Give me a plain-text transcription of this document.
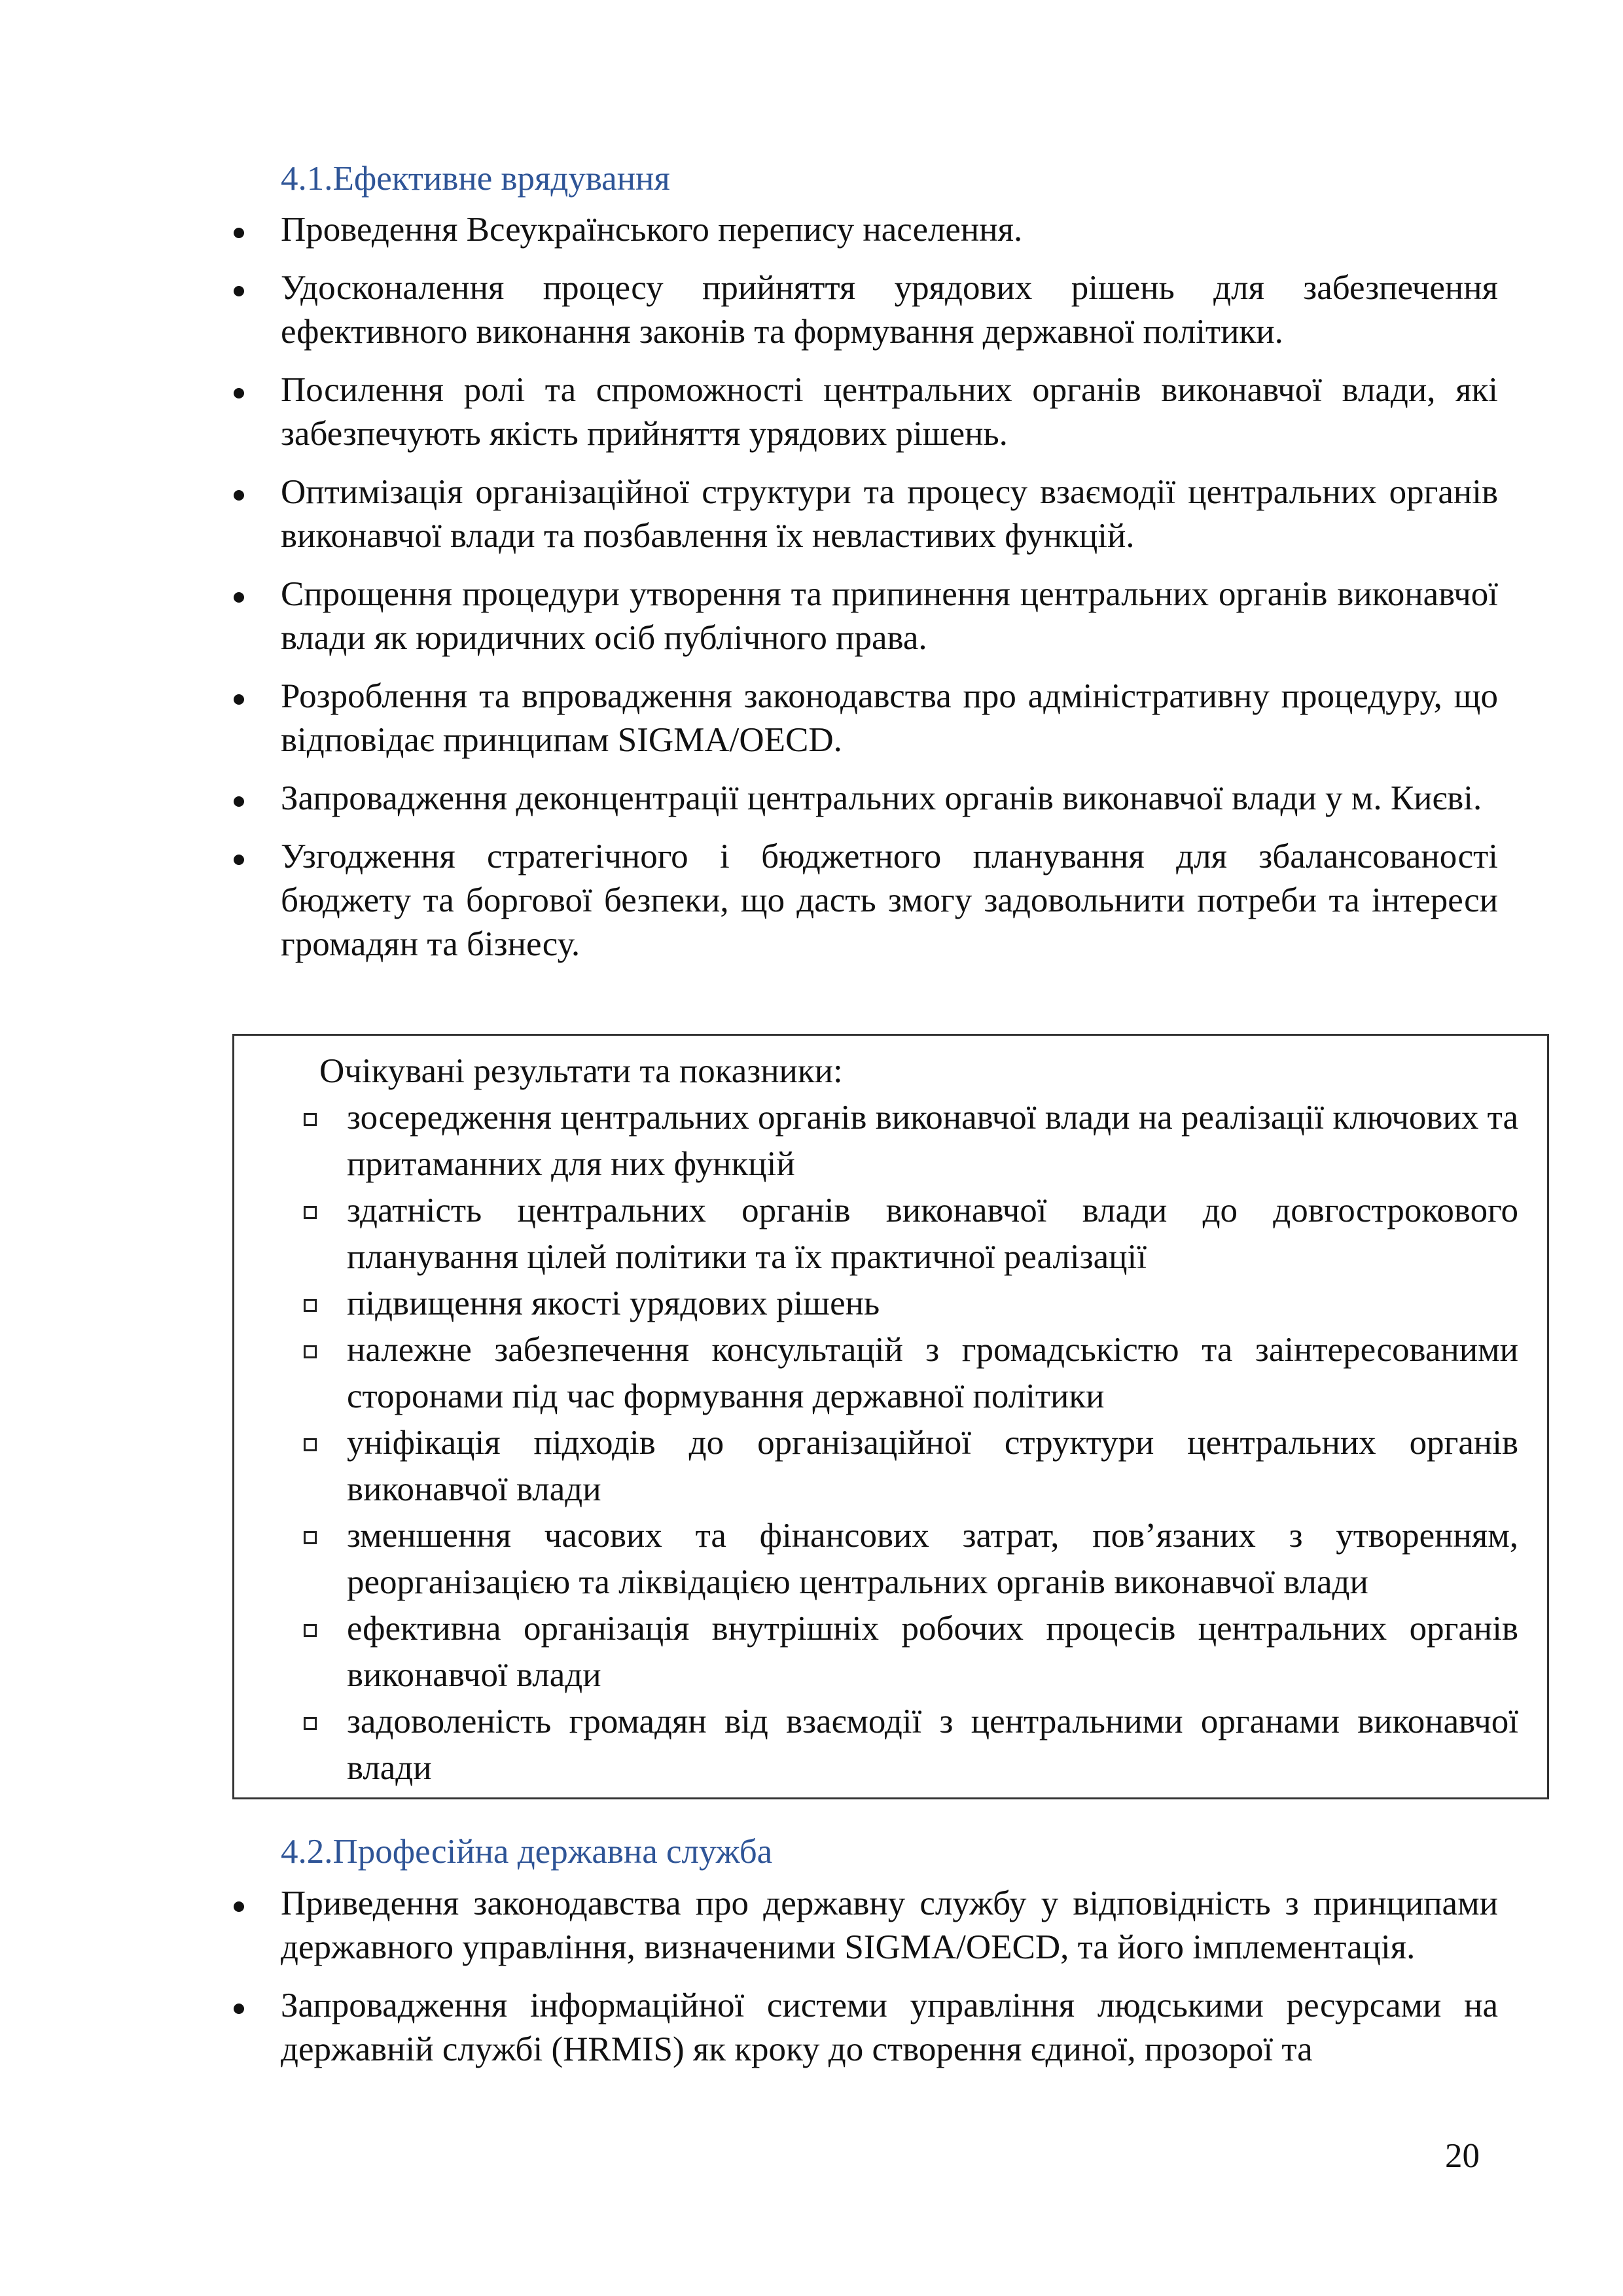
4.1.Ефективне врядування
Проведення Всеукраїнського перепису населення.
Удосконалення процесу прийняття урядових рішень для забезпечення ефективного виконання законів та формування державної політики.
Посилення ролі та спроможності центральних органів виконавчої влади, які забезпечують якість прийняття урядових рішень.
Оптимізація організаційної структури та процесу взаємодії центральних органів виконавчої влади та позбавлення їх невластивих функцій.
Спрощення процедури утворення та припинення центральних органів виконавчої влади як юридичних осіб публічного права.
Розроблення та впровадження законодавства про адміністративну процедуру, що відповідає принципам SIGMA/OECD.
Запровадження деконцентрації центральних органів виконавчої влади у м. Києві.
Узгодження стратегічного і бюджетного планування для збалансованості бюджету та боргової безпеки, що дасть змогу задовольнити потреби та інтереси громадян та бізнесу.
Очікувані результати та показники:
зосередження центральних органів виконавчої влади на реалізації ключових та притаманних для них функцій
здатність центральних органів виконавчої влади до довгострокового планування цілей політики та їх практичної реалізації
підвищення якості урядових рішень
належне забезпечення консультацій з громадськістю та заінтересованими сторонами під час формування державної політики
уніфікація підходів до організаційної структури центральних органів виконавчої влади
зменшення часових та фінансових затрат, пов’язаних з утворенням, реорганізацією та ліквідацією центральних органів виконавчої влади
ефективна організація внутрішніх робочих процесів центральних органів виконавчої влади
задоволеність громадян від взаємодії з центральними органами виконавчої влади
4.2.Професійна державна служба
Приведення законодавства про державну службу у відповідність з принципами державного управління, визначеними SIGMA/OECD, та його імплементація.
Запровадження інформаційної системи управління людськими ресурсами на державній службі (HRMIS) як кроку до створення єдиної, прозорої та
20
